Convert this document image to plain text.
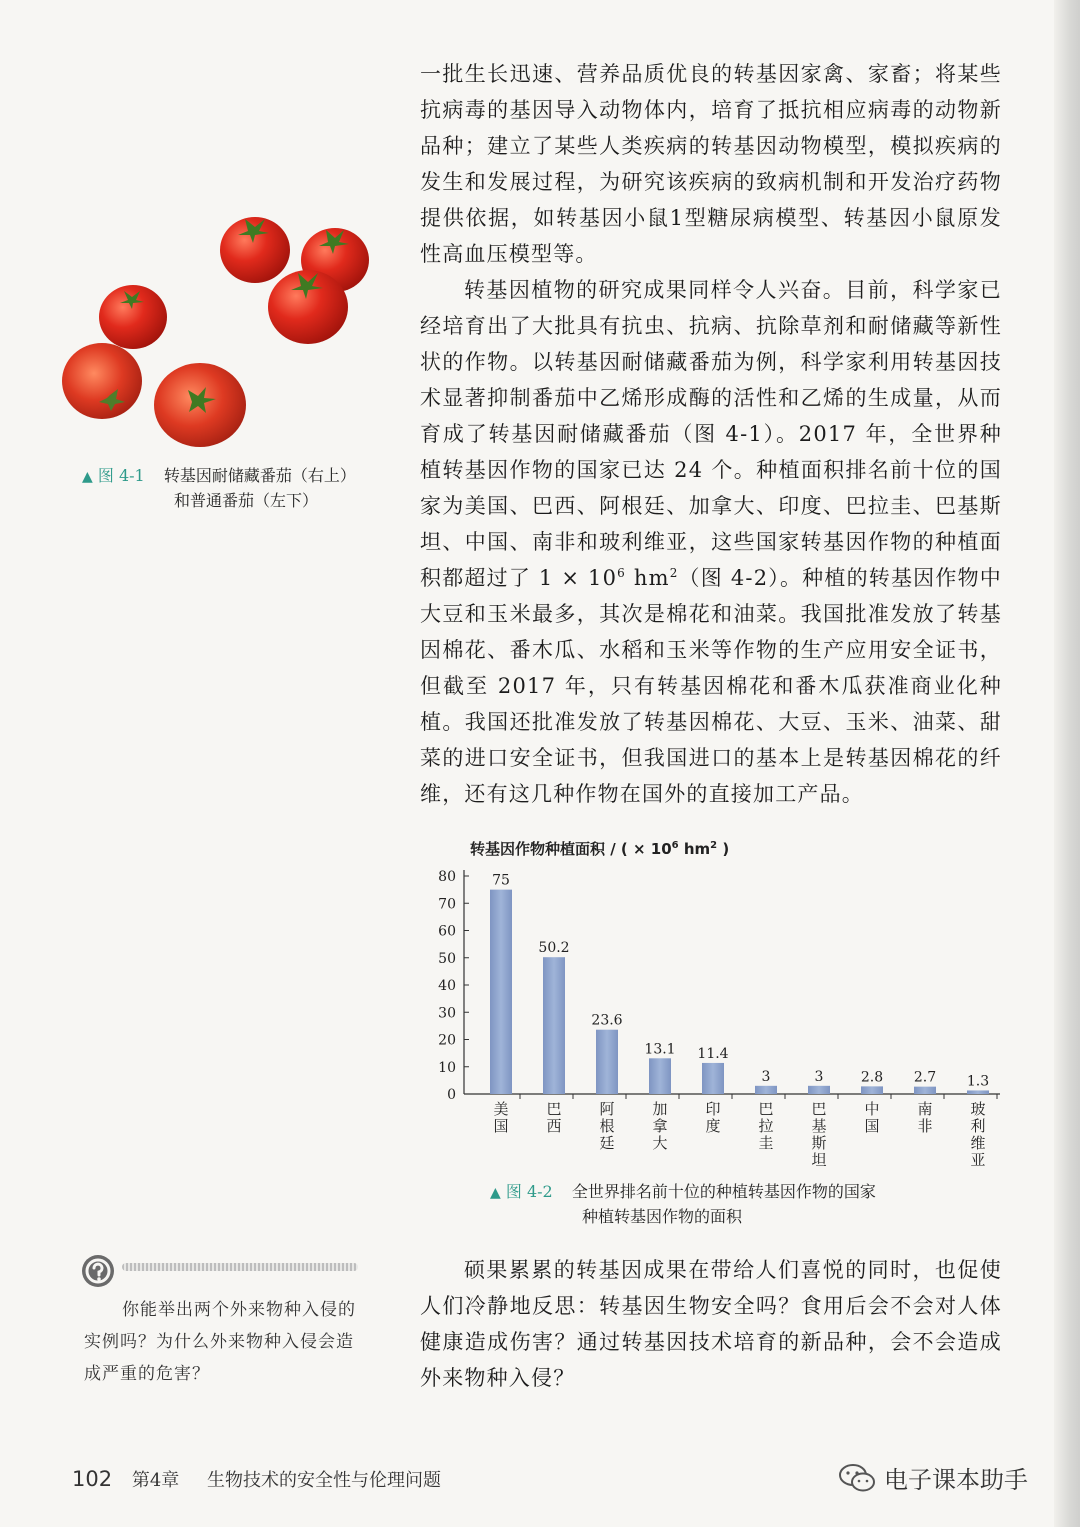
一批生长迅速、营养品质优良的转基因家禽、家畜；将某些抗病毒的基因导入动物体内，培育了抵抗相应病毒的动物新品种；建立了某些人类疾病的转基因动物模型，模拟疾病的发生和发展过程，为研究该疾病的致病机制和开发治疗药物提供依据，如转基因小鼠1型糖尿病模型、转基因小鼠原发性高血压模型等。

转基因植物的研究成果同样令人兴奋。目前，科学家已经培育出了大批具有抗虫、抗病、抗除草剂和耐储藏等新性状的作物。以转基因耐储藏番茄为例，科学家利用转基因技术显著抑制番茄中乙烯形成酶的活性和乙烯的生成量，从而育成了转基因耐储藏番茄（图 4-1）。2017 年，全世界种植转基因作物的国家已达 24 个。种植面积排名前十位的国家为美国、巴西、阿根廷、加拿大、印度、巴拉圭、巴基斯坦、中国、南非和玻利维亚，这些国家转基因作物的种植面积都超过了 $1 \times 10^6$ $hm^2$（图 4-2）。种植的转基因作物中大豆和玉米最多，其次是棉花和油菜。我国批准发放了转基因棉花、番木瓜、水稻和玉米等作物的生产应用安全证书，但截至 2017 年，只有转基因棉花和番木瓜获准商业化种植。我国还批准发放了转基因棉花、大豆、玉米、油菜、甜菜的进口安全证书，但我国进口的基本上是转基因棉花的纤维，还有这几种作物在国外的直接加工产品。

▲ 图 4-1 转基因耐储藏番茄（右上）
和普通番茄（左下）
转基因作物种植面积 / ( × $10^6$ $hm^2$ )
0
10
20
30
40
50
60
70
80	75
美国
50.2
巴西
23.6
阿根廷
13.1
加拿大
11.4
印度
3
巴拉圭
3
巴基斯坦
2.8
中国
2.7
南非
1.3
玻利维亚
▲ 图 4-2 全世界排名前十位的种植转基因作物的国家
种植转基因作物的面积
你能举出两个外来物种入侵的实例吗？为什么外来物种入侵会造成严重的危害？
硕果累累的转基因成果在带给人们喜悦的同时，也促使人们冷静地反思：转基因生物安全吗？食用后会不会对人体健康造成伤害？通过转基因技术培育的新品种，会不会造成外来物种入侵？
102 第4章 生物技术的安全性与伦理问题	电子课本助手
